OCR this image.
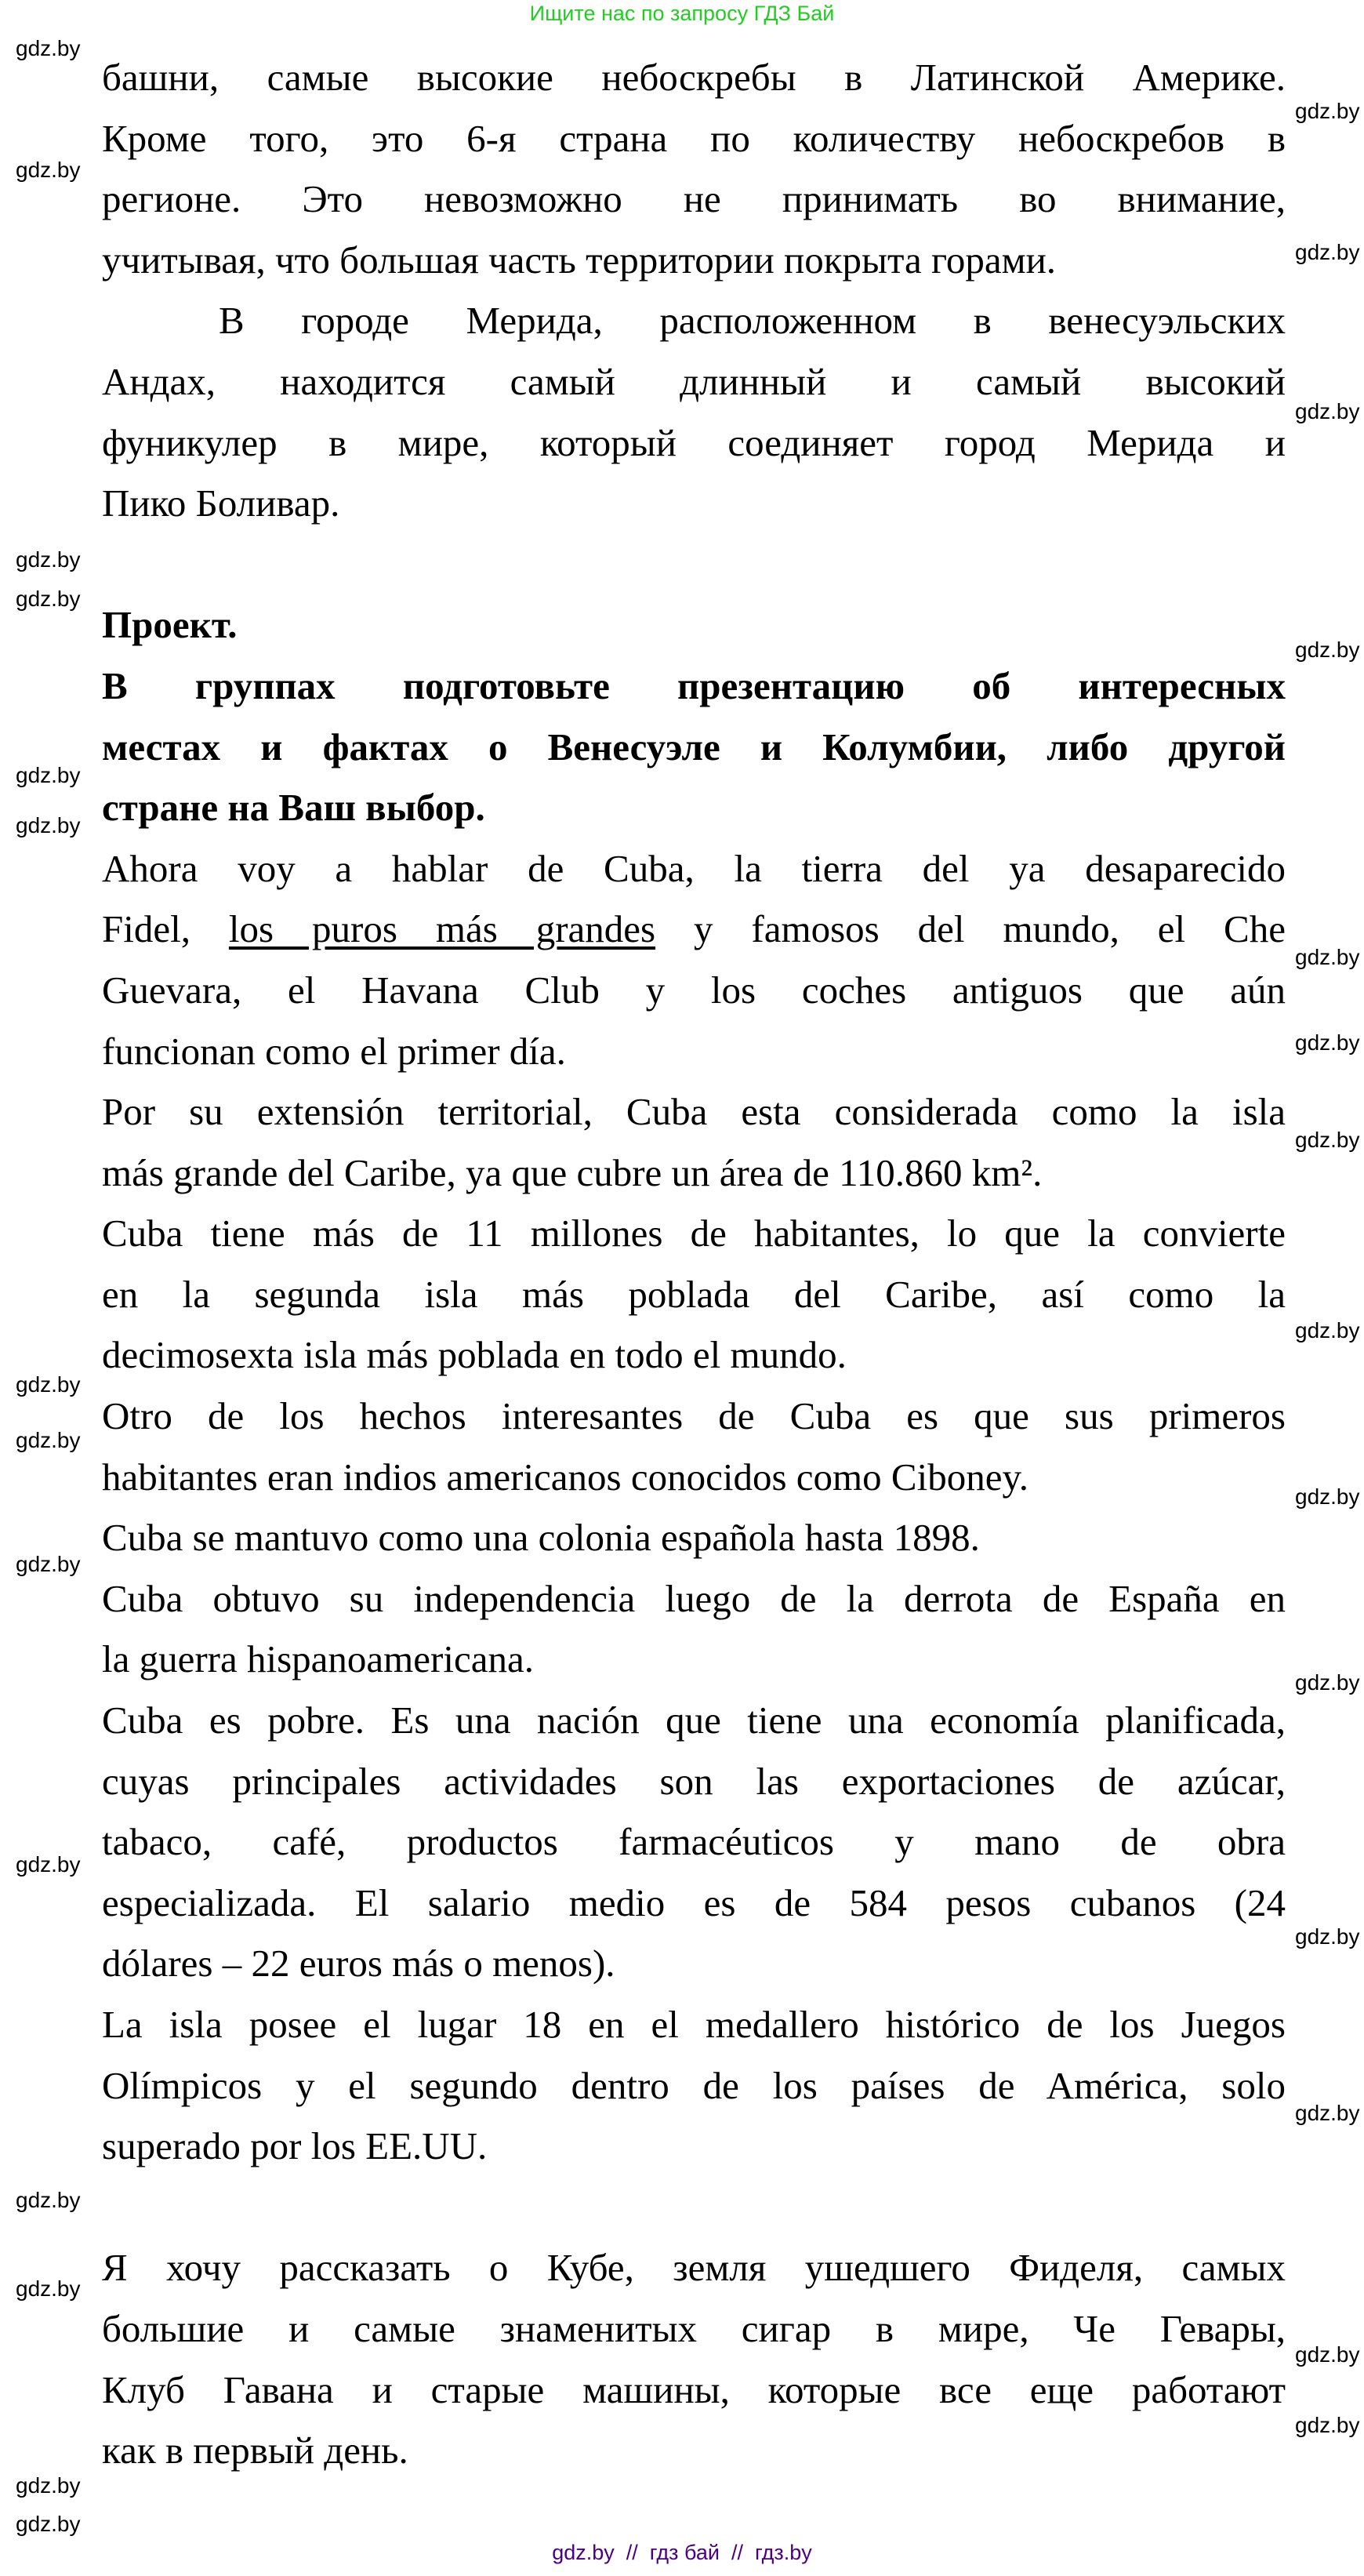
Ищите нас по запросу ГДЗ Бай
башни, самые высокие небоскребы в Латинской Америке.
Кроме того, это 6-я страна по количеству небоскребов в
регионе. Это невозможно не принимать во внимание,
учитывая, что большая часть территории покрыта горами.
В городе Мерида, расположенном в венесуэльских
Андах, находится самый длинный и самый высокий
фуникулер в мире, который соединяет город Мерида и
Пико Боливар.
Проект.
В группах подготовьте презентацию об интересных
местах и фактах о Венесуэле и Колумбии, либо другой
стране на Ваш выбор.
Ahora voy a hablar de Cuba, la tierra del ya desaparecido
Fidel, los puros más grandes y famosos del mundo, el Che
Guevara, el Havana Club y los coches antiguos que aún
funcionan como el primer día.
Por su extensión territorial, Cuba esta considerada como la isla
más grande del Caribe, ya que cubre un área de 110.860 km².
Cuba tiene más de 11 millones de habitantes, lo que la convierte
en la segunda isla más poblada del Caribe, así como la
decimosexta isla más poblada en todo el mundo.
Otro de los hechos interesantes de Cuba es que sus primeros
habitantes eran indios americanos conocidos como Ciboney.
Cuba se mantuvo como una colonia española hasta 1898.
Cuba obtuvo su independencia luego de la derrota de España en
la guerra hispanoamericana.
Cuba es pobre. Es una nación que tiene una economía planificada,
cuyas principales actividades son las exportaciones de azúcar,
tabaco, café, productos farmacéuticos y mano de obra
especializada. El salario medio es de 584 pesos cubanos (24
dólares – 22 euros más o menos).
La isla posee el lugar 18 en el medallero histórico de los Juegos
Olímpicos y el segundo dentro de los países de América, solo
superado por los EE.UU.
Я хочу рассказать о Кубе, земля ушедшего Фиделя, самых
большие и самые знаменитых сигар в мире, Че Гевары,
Клуб Гавана и старые машины, которые все еще работают
как в первый день.
gdz.by
gdz.by
gdz.by
gdz.by
gdz.by
gdz.by
gdz.by
gdz.by
gdz.by
gdz.by
gdz.by
gdz.by
gdz.by
gdz.by
gdz.by
gdz.by
gdz.by
gdz.by
gdz.by
gdz.by
gdz.by
gdz.by
gdz.by
gdz.by
gdz.by
gdz.by
gdz.by
gdz.by
gdz.by  //  гдз бай  //  гдз.by
